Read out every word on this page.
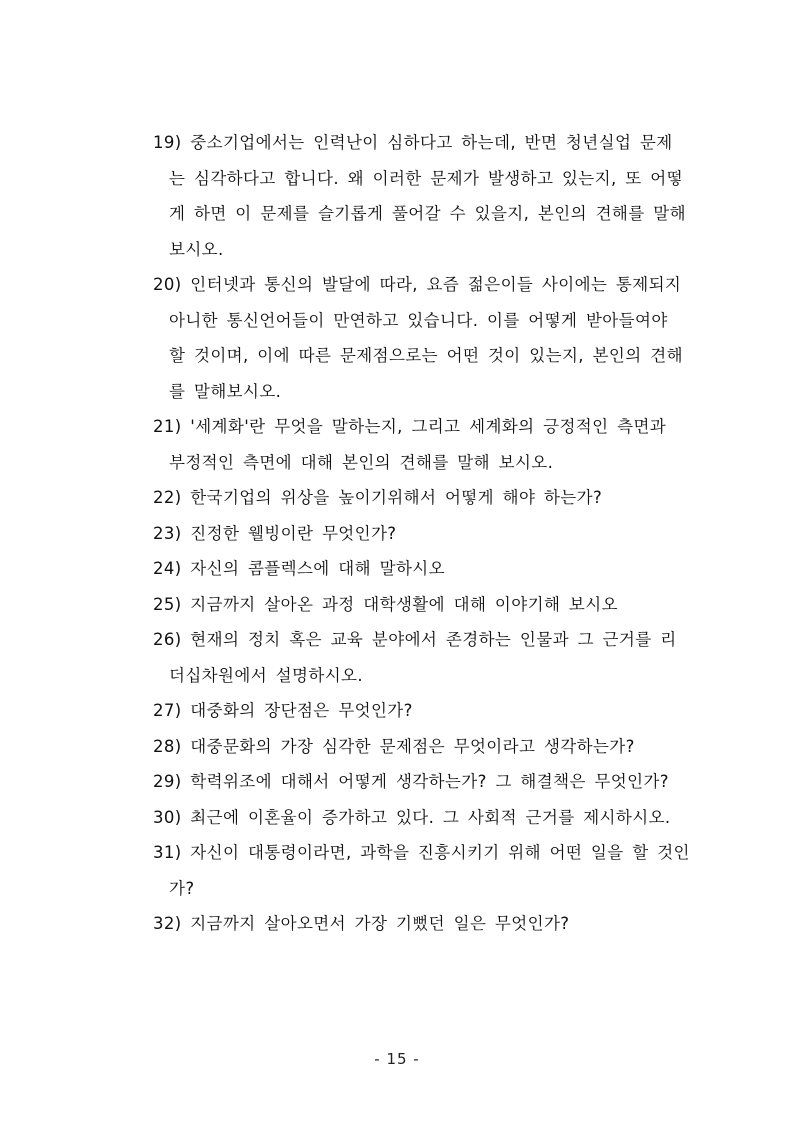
19) 중소기업에서는 인력난이 심하다고 하는데, 반면 청년실업 문제
는 심각하다고 합니다. 왜 이러한 문제가 발생하고 있는지, 또 어떻
게 하면 이 문제를 슬기롭게 풀어갈 수 있을지, 본인의 견해를 말해
보시오.
20) 인터넷과 통신의 발달에 따라, 요즘 젊은이들 사이에는 통제되지
아니한 통신언어들이 만연하고 있습니다. 이를 어떻게 받아들여야
할 것이며, 이에 따른 문제점으로는 어떤 것이 있는지, 본인의 견해
를 말해보시오.
21) '세계화'란 무엇을 말하는지, 그리고 세계화의 긍정적인 측면과
부정적인 측면에 대해 본인의 견해를 말해 보시오.
22) 한국기업의 위상을 높이기위해서 어떻게 해야 하는가?
23) 진정한 웰빙이란 무엇인가?
24) 자신의 콤플렉스에 대해 말하시오
25) 지금까지 살아온 과정 대학생활에 대해 이야기해 보시오
26) 현재의 정치 혹은 교육 분야에서 존경하는 인물과 그 근거를 리
더십차원에서 설명하시오.
27) 대중화의 장단점은 무엇인가?
28) 대중문화의 가장 심각한 문제점은 무엇이라고 생각하는가?
29) 학력위조에 대해서 어떻게 생각하는가? 그 해결책은 무엇인가?
30) 최근에 이혼율이 증가하고 있다. 그 사회적 근거를 제시하시오.
31) 자신이 대통령이라면, 과학을 진흥시키기 위해 어떤 일을 할 것인
가?
32) 지금까지 살아오면서 가장 기뻤던 일은 무엇인가?
- 15 -
